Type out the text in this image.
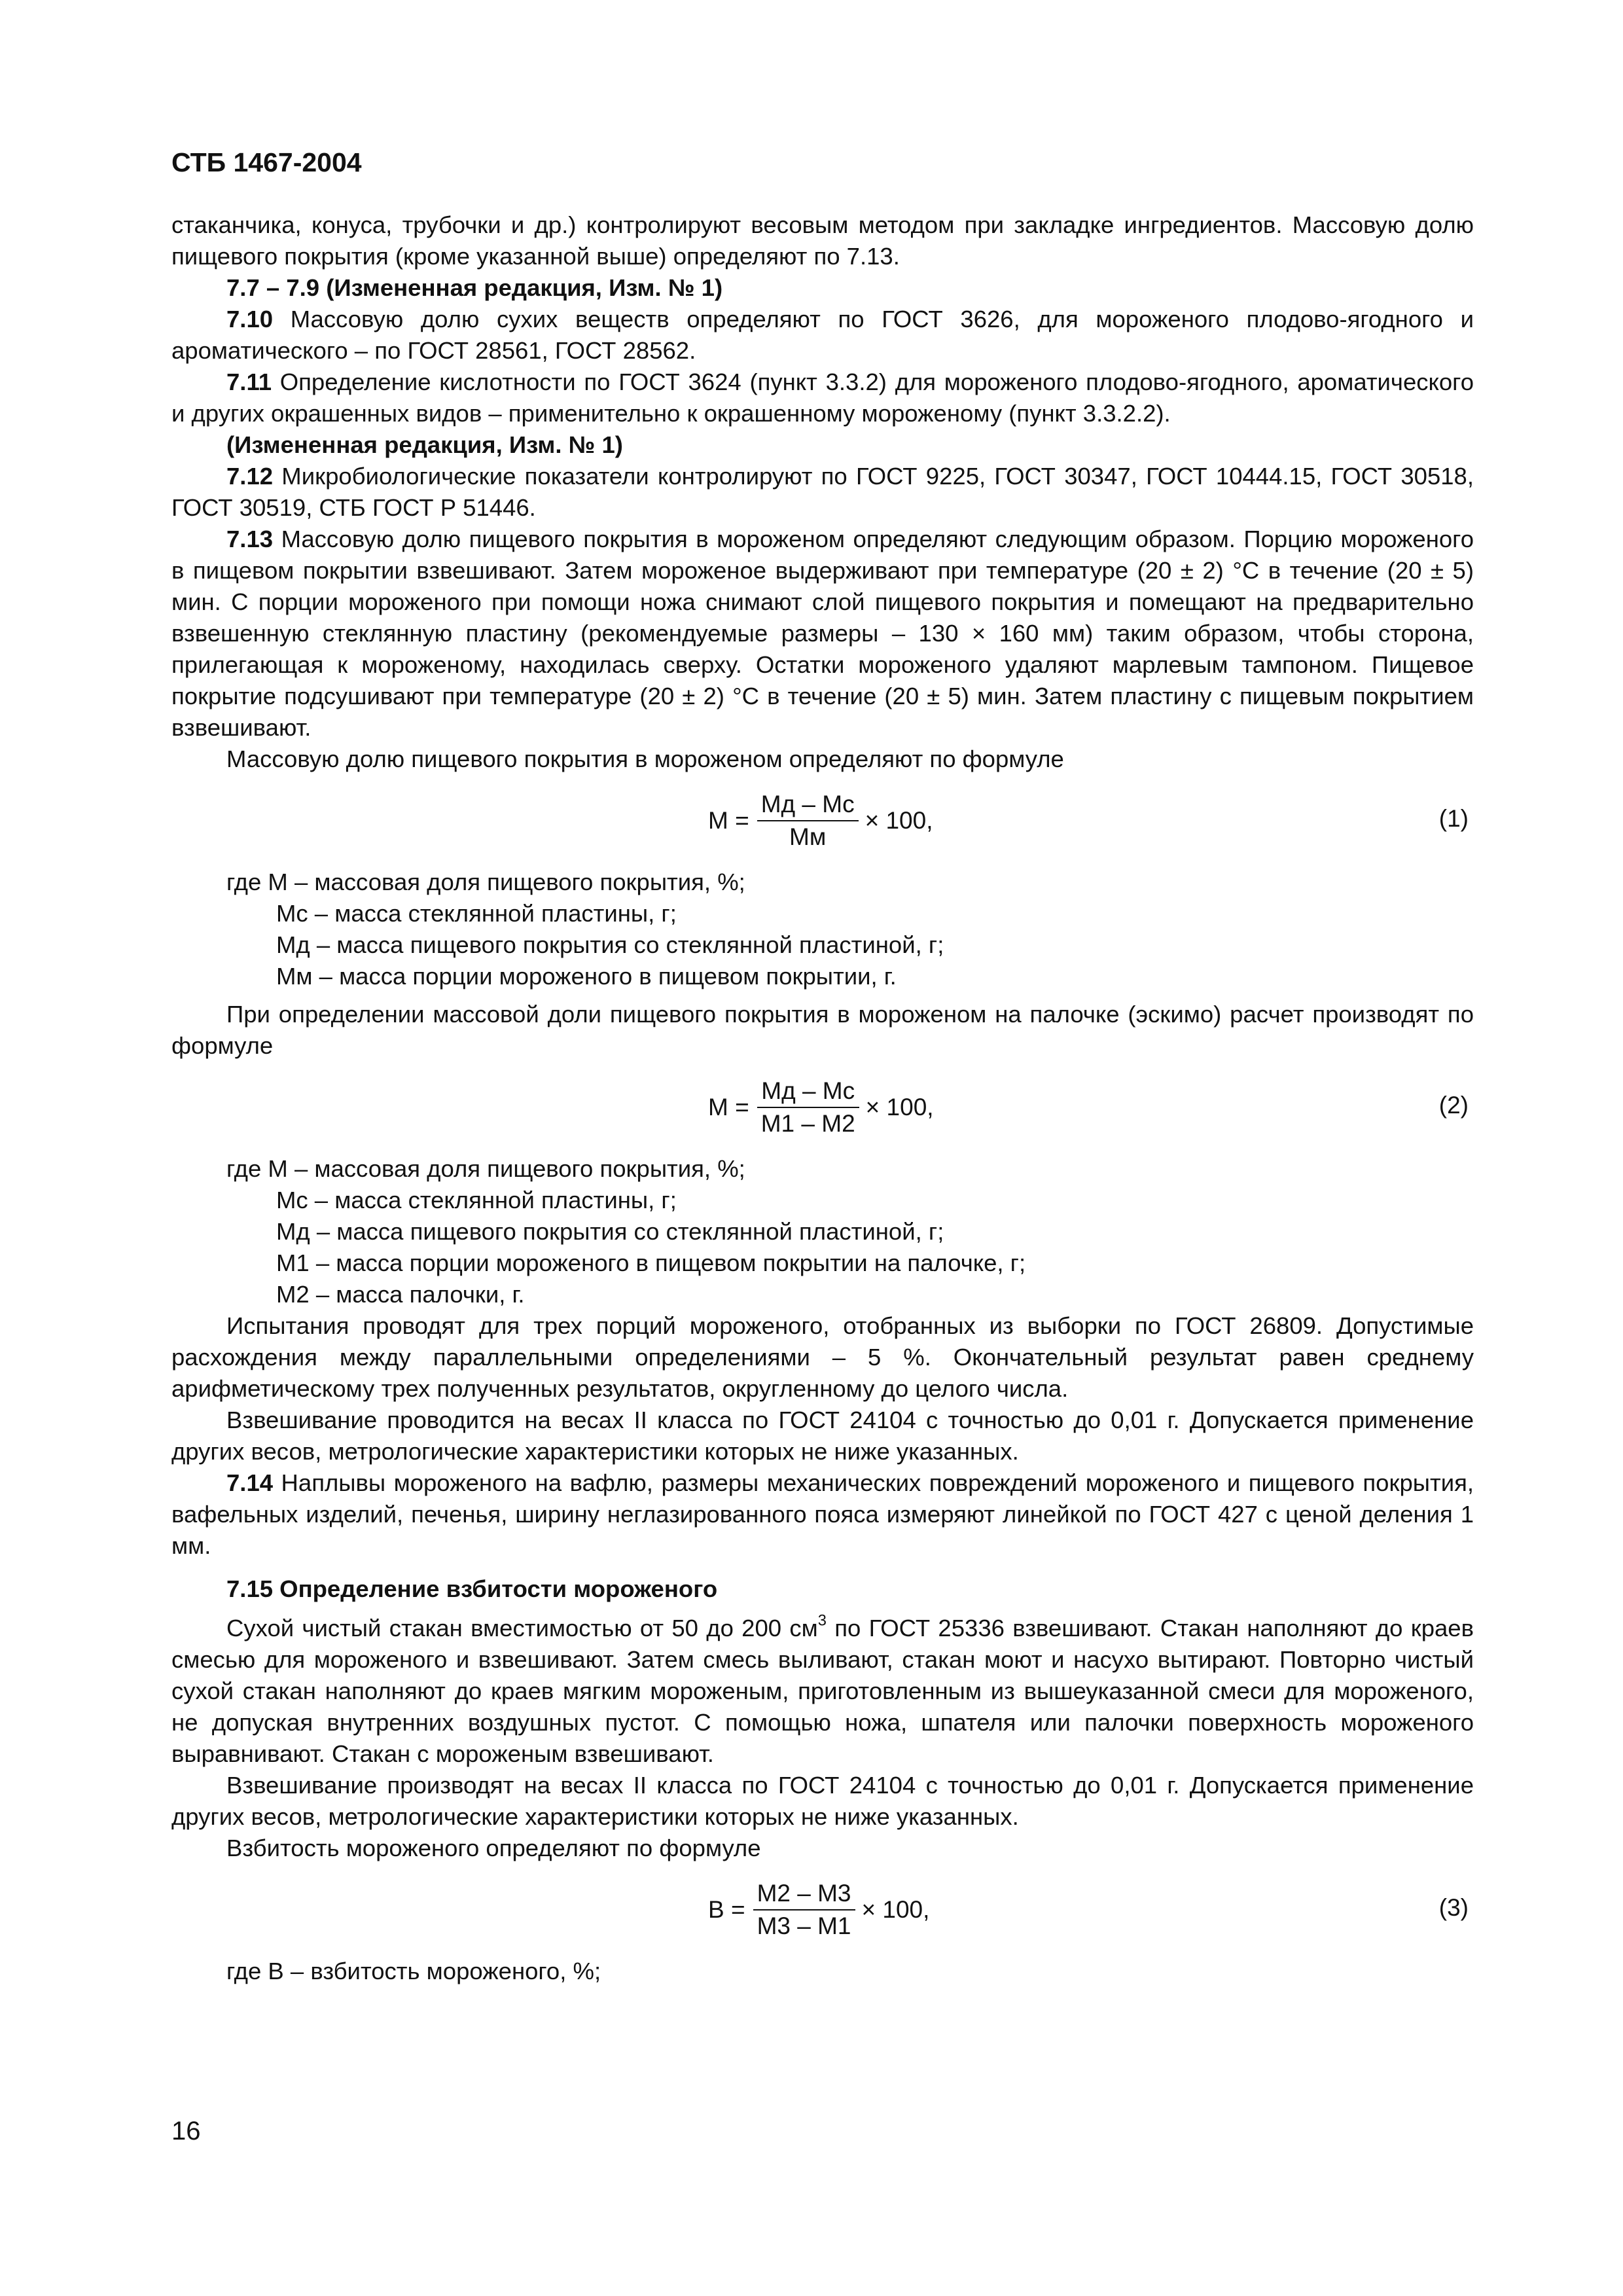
СТБ 1467-2004

стаканчика, конуса, трубочки и др.) контролируют весовым методом при закладке ингредиентов. Массовую долю пищевого покрытия (кроме указанной выше) определяют по 7.13.

7.7 – 7.9 (Измененная редакция, Изм. № 1)

7.10 Массовую долю сухих веществ определяют по ГОСТ 3626, для мороженого плодово-ягодного и ароматического – по ГОСТ 28561, ГОСТ 28562.

7.11 Определение кислотности по ГОСТ 3624 (пункт 3.3.2) для мороженого плодово-ягодного, ароматического и других окрашенных видов – применительно к окрашенному мороженому (пункт 3.3.2.2).

(Измененная редакция, Изм. № 1)

7.12 Микробиологические показатели контролируют по ГОСТ 9225, ГОСТ 30347, ГОСТ 10444.15, ГОСТ 30518, ГОСТ 30519, СТБ ГОСТ Р 51446.

7.13 Массовую долю пищевого покрытия в мороженом определяют следующим образом. Порцию мороженого в пищевом покрытии взвешивают. Затем мороженое выдерживают при температуре (20 ± 2) °С в течение (20 ± 5) мин. С порции мороженого при помощи ножа снимают слой пищевого покрытия и помещают на предварительно взвешенную стеклянную пластину (рекомендуемые размеры – 130 × 160 мм) таким образом, чтобы сторона, прилегающая к мороженому, находилась сверху. Остатки мороженого удаляют марлевым тампоном. Пищевое покрытие подсушивают при температуре (20 ± 2) °С в течение (20 ± 5) мин. Затем пластину с пищевым покрытием взвешивают.

Массовую долю пищевого покрытия в мороженом определяют по формуле

$M = \frac{Mд - Mс}{Mм} \times 100$,	(1)
где M – массовая доля пищевого покрытия, %;
Mс – масса стеклянной пластины, г;
Mд – масса пищевого покрытия со стеклянной пластиной, г;
Mм – масса порции мороженого в пищевом покрытии, г.

При определении массовой доли пищевого покрытия в мороженом на палочке (эскимо) расчет производят по формуле

$M = \frac{Mд - Mс}{M1 - M2} \times 100$,	(2)
где M – массовая доля пищевого покрытия, %;
Mс – масса стеклянной пластины, г;
Mд – масса пищевого покрытия со стеклянной пластиной, г;
M1 – масса порции мороженого в пищевом покрытии на палочке, г;
M2 – масса палочки, г.

Испытания проводят для трех порций мороженого, отобранных из выборки по ГОСТ 26809. Допустимые расхождения между параллельными определениями – 5 %. Окончательный результат равен среднему арифметическому трех полученных результатов, округленному до целого числа.

Взвешивание проводится на весах II класса по ГОСТ 24104 с точностью до 0,01 г. Допускается применение других весов, метрологические характеристики которых не ниже указанных.

7.14 Наплывы мороженого на вафлю, размеры механических повреждений мороженого и пищевого покрытия, вафельных изделий, печенья, ширину неглазированного пояса измеряют линейкой по ГОСТ 427 с ценой деления 1 мм.

7.15 Определение взбитости мороженого

Сухой чистый стакан вместимостью от 50 до 200 $см^3$ по ГОСТ 25336 взвешивают. Стакан наполняют до краев смесью для мороженого и взвешивают. Затем смесь выливают, стакан моют и насухо вытирают. Повторно чистый сухой стакан наполняют до краев мягким мороженым, приготовленным из вышеуказанной смеси для мороженого, не допуская внутренних воздушных пустот. С помощью ножа, шпателя или палочки поверхность мороженого выравнивают. Стакан с мороженым взвешивают.

Взвешивание производят на весах II класса по ГОСТ 24104 с точностью до 0,01 г. Допускается применение других весов, метрологические характеристики которых не ниже указанных.

Взбитость мороженого определяют по формуле

$B = \frac{M2 - M3}{M3 - M1} \times 100$,	(3)
где B – взбитость мороженого, %;
16
